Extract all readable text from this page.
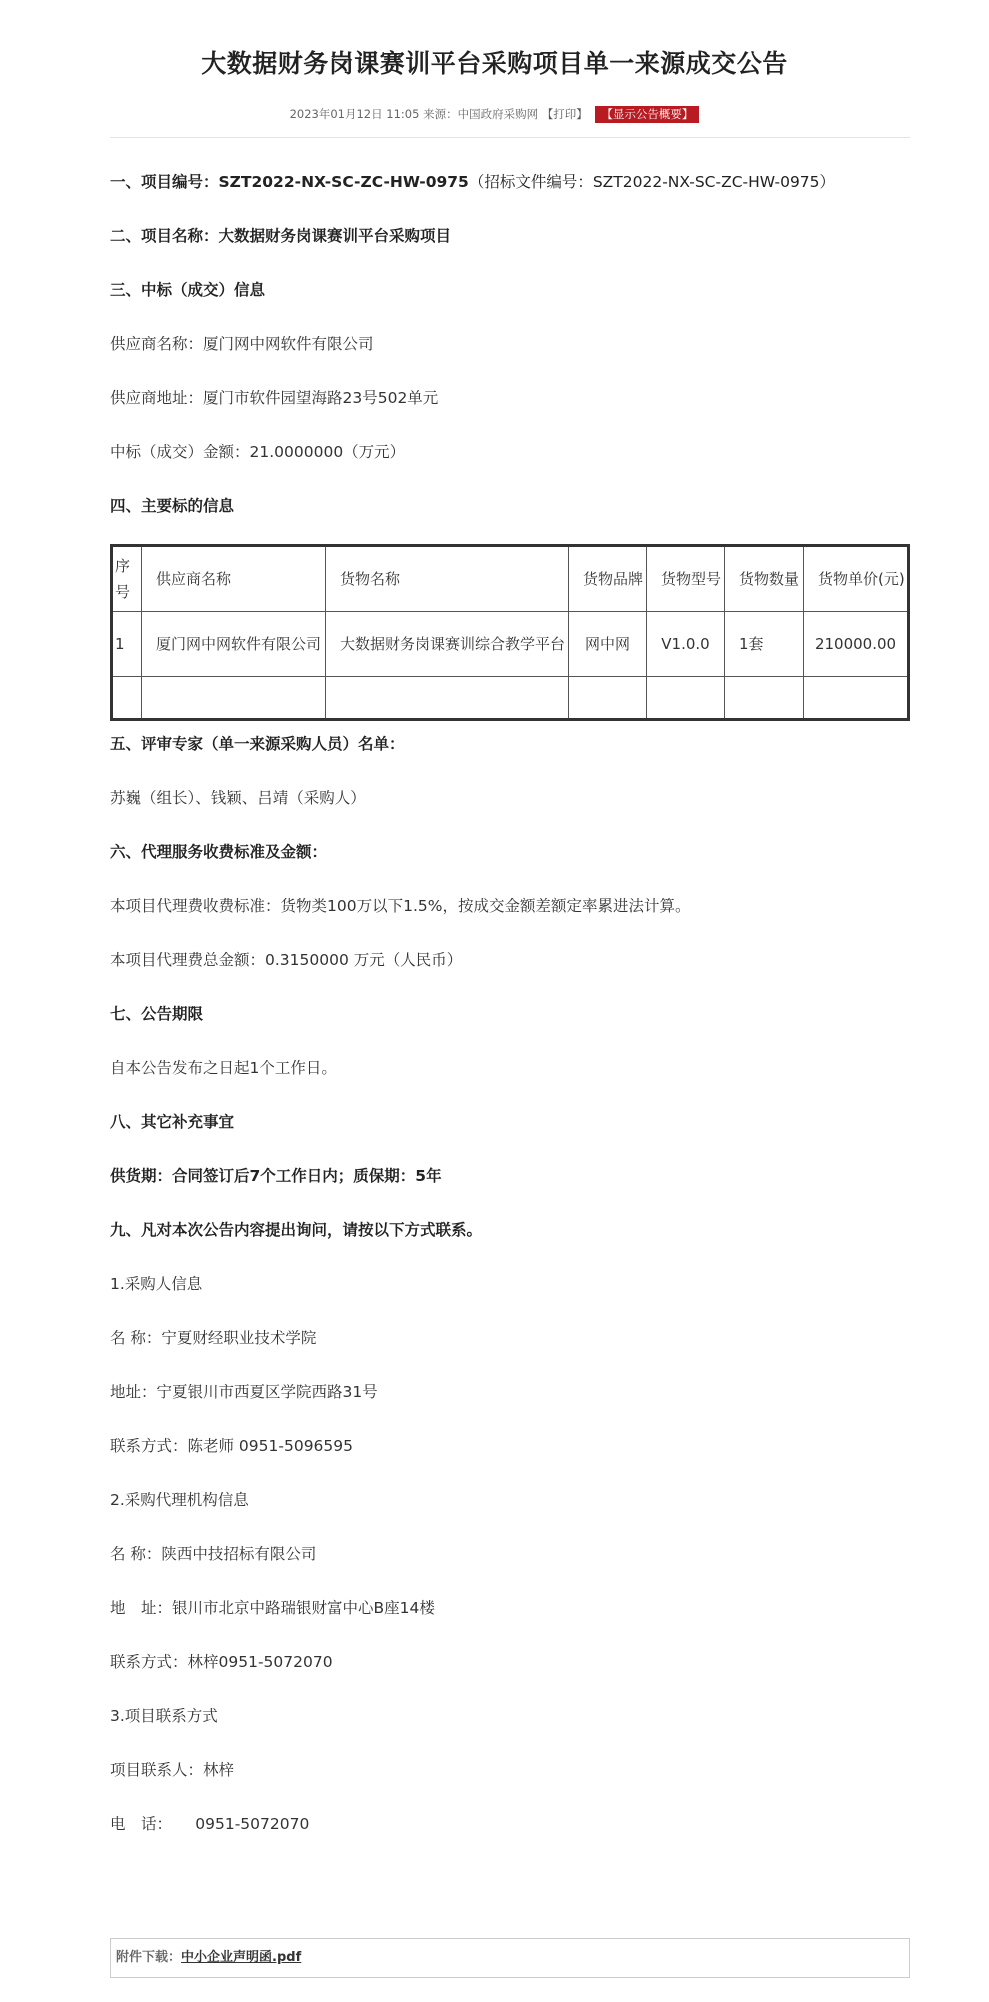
大数据财务岗课赛训平台采购项目单一来源成交公告
2023年01月12日 11:05 来源：中国政府采购网 【打印】 【显示公告概要】
一、项目编号：SZT2022-NX-SC-ZC-HW-0975（招标文件编号：SZT2022-NX-SC-ZC-HW-0975）
二、项目名称：大数据财务岗课赛训平台采购项目
三、中标（成交）信息
供应商名称：厦门网中网软件有限公司
供应商地址：厦门市软件园望海路23号502单元
中标（成交）金额：21.0000000（万元）
四、主要标的信息
序号	供应商名称	货物名称	货物品牌	货物型号	货物数量	货物单价(元)
1	厦门网中网软件有限公司	大数据财务岗课赛训综合教学平台	网中网	V1.0.0	1套	210000.00

五、评审专家（单一来源采购人员）名单：
苏巍（组长）、钱颖、吕靖（采购人）
六、代理服务收费标准及金额：
本项目代理费收费标准：货物类100万以下1.5%，按成交金额差额定率累进法计算。
本项目代理费总金额：0.3150000 万元（人民币）
七、公告期限
自本公告发布之日起1个工作日。
八、其它补充事宜
供货期：合同签订后7个工作日内；质保期：5年
九、凡对本次公告内容提出询问，请按以下方式联系。
1.采购人信息
名 称：宁夏财经职业技术学院
地址：宁夏银川市西夏区学院西路31号
联系方式：陈老师 0951-5096595
2.采购代理机构信息
名 称：陕西中技招标有限公司
地　址：银川市北京中路瑞银财富中心B座14楼
联系方式：林梓0951-5072070
3.项目联系方式
项目联系人：林梓
电　话：　　0951-5072070
附件下载：中小企业声明函.pdf
